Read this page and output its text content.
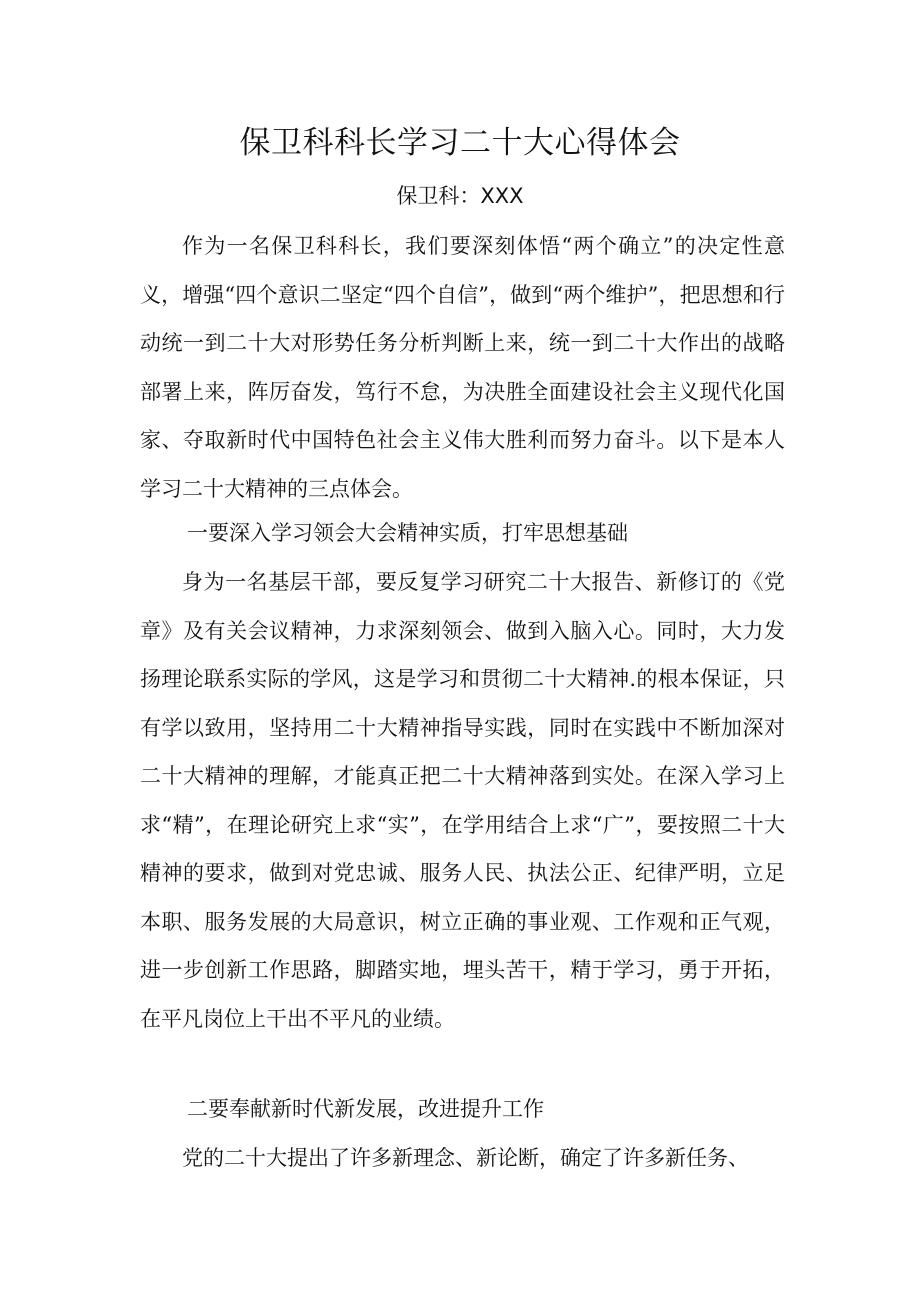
保卫科科长学习二十大心得体会

保卫科：XXX

作为一名保卫科科长，我们要深刻体悟“两个确立”的决定性意义，增强“四个意识二坚定“四个自信”，做到“两个维护”，把思想和行动统一到二十大对形势任务分析判断上来，统一到二十大作出的战略部署上来，阵厉奋发，笃行不怠，为决胜全面建设社会主义现代化国家、夺取新时代中国特色社会主义伟大胜利而努力奋斗。以下是本人学习二十大精神的三点体会。

一要深入学习领会大会精神实质，打牢思想基础

身为一名基层干部，要反复学习研究二十大报告、新修订的《党章》及有关会议精神，力求深刻领会、做到入脑入心。同时，大力发扬理论联系实际的学风，这是学习和贯彻二十大精神.的根本保证，只有学以致用，坚持用二十大精神指导实践，同时在实践中不断加深对二十大精神的理解，才能真正把二十大精神落到实处。在深入学习上求“精”，在理论研究上求“实”，在学用结合上求“广”，要按照二十大精神的要求，做到对党忠诚、服务人民、执法公正、纪律严明，立足本职、服务发展的大局意识，树立正确的事业观、工作观和正气观，进一步创新工作思路，脚踏实地，埋头苦干，精于学习，勇于开拓，在平凡岗位上干出不平凡的业绩。

二要奉献新时代新发展，改进提升工作

党的二十大提出了许多新理念、新论断，确定了许多新任务、
